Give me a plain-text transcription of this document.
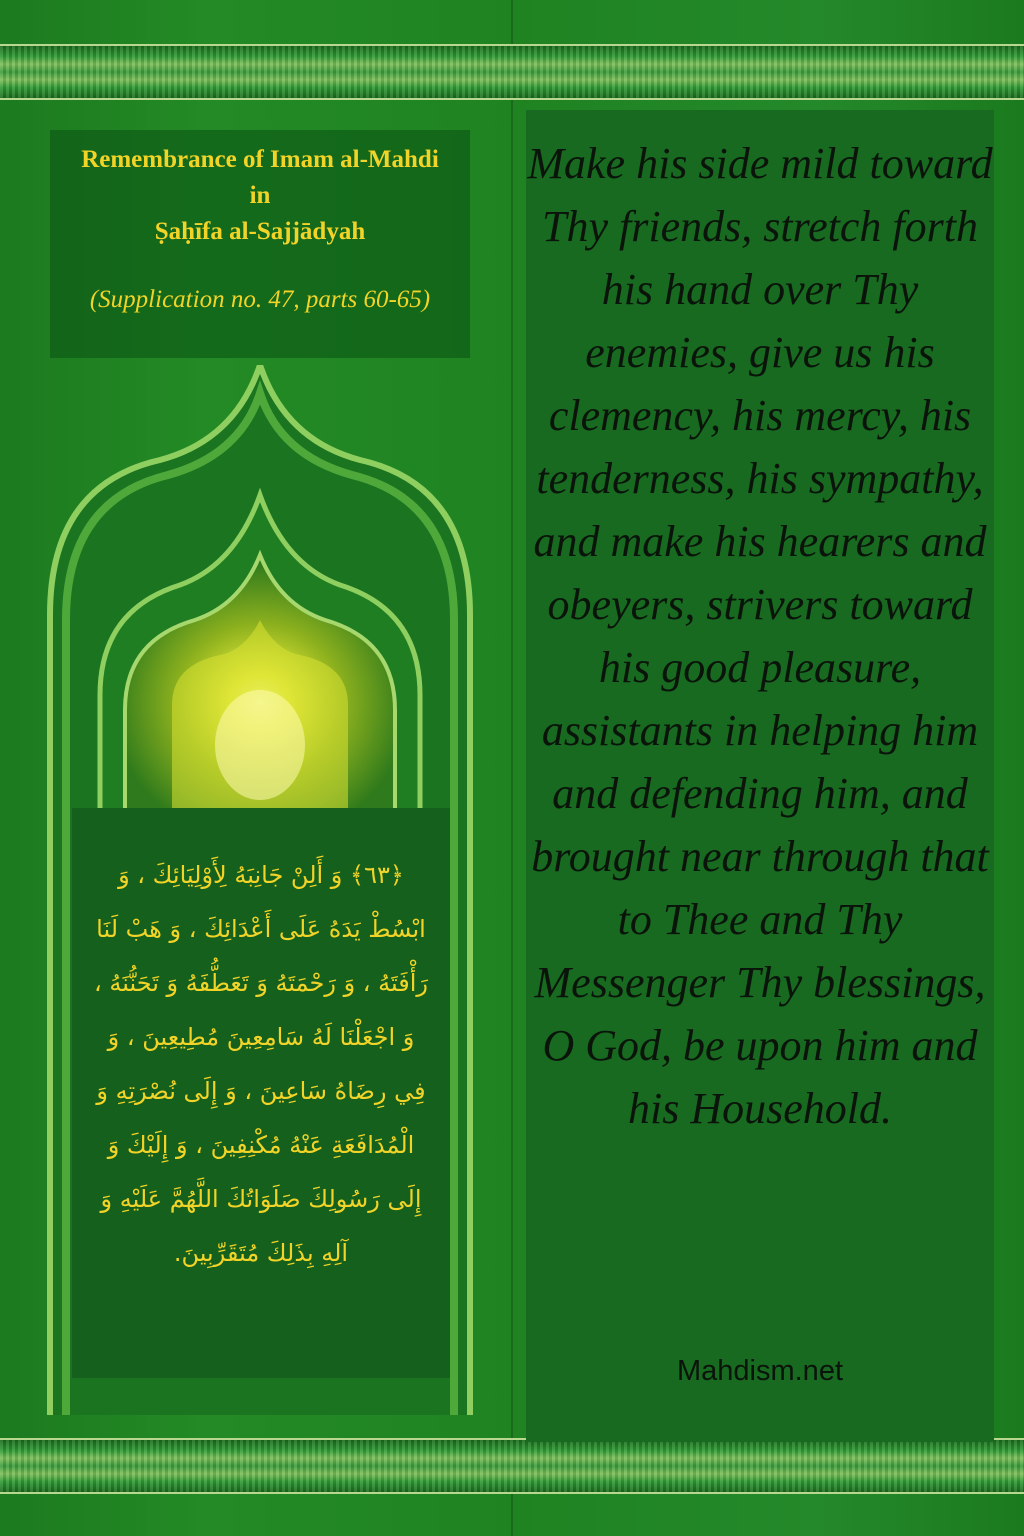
Remembrance of Imam al-Mahdi
in
Ṣaḥīfa al-Sajjādyah
(Supplication no. 47, parts 60-65)
﴿٦٣﴾ وَ أَلِنْ جَانِبَهُ لِأَوْلِيَائِكَ ، وَ ابْسُطْ يَدَهُ عَلَى أَعْدَائِكَ ، وَ هَبْ لَنَا رَأْفَتَهُ ، وَ رَحْمَتَهُ وَ تَعَطُّفَهُ وَ تَحَنُّنَهُ ، وَ اجْعَلْنَا لَهُ سَامِعِينَ مُطِيعِينَ ، وَ فِي رِضَاهُ سَاعِينَ ، وَ إِلَى نُصْرَتِهِ وَ الْمُدَافَعَةِ عَنْهُ مُكْنِفِينَ ، وَ إِلَيْكَ وَ إِلَى رَسُولِكَ صَلَوَاتُكَ اللَّهُمَّ عَلَيْهِ وَ آلِهِ بِذَلِكَ مُتَقَرِّبِينَ.
Make his side mild toward Thy friends, stretch forth his hand over Thy enemies, give us his clemency, his mercy, his tenderness, his sympathy, and make his hearers and obeyers, strivers toward his good pleasure, assistants in helping him and defending him, and brought near through that to Thee and Thy Messenger Thy blessings, O God, be upon him and his Household.
Mahdism.net
